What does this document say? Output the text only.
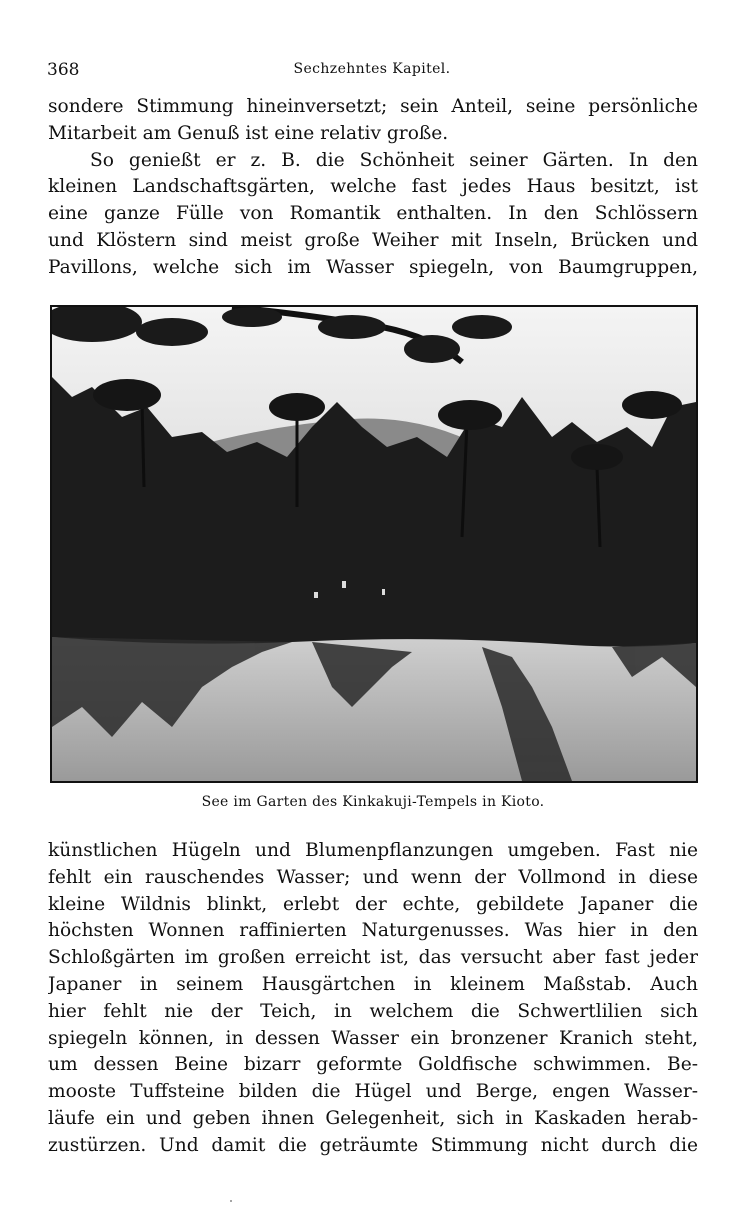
368	Sechzehntes Kapitel.
sondere Stimmung hineinversetzt; sein Anteil, seine persönliche
Mitarbeit am Genuß ist eine relativ große.
So genießt er z. B. die Schönheit seiner Gärten. In den
kleinen Landschaftsgärten, welche fast jedes Haus besitzt, ist
eine ganze Fülle von Romantik enthalten. In den Schlössern
und Klöstern sind meist große Weiher mit Inseln, Brücken und
Pavillons, welche sich im Wasser spiegeln, von Baumgruppen,
See im Garten des Kinkakuji-Tempels in Kioto.
künstlichen Hügeln und Blumenpflanzungen umgeben. Fast nie
fehlt ein rauschendes Wasser; und wenn der Vollmond in diese
kleine Wildnis blinkt, erlebt der echte, gebildete Japaner die
höchsten Wonnen raffinierten Naturgenusses. Was hier in den
Schloßgärten im großen erreicht ist, das versucht aber fast jeder
Japaner in seinem Hausgärtchen in kleinem Maßstab. Auch
hier fehlt nie der Teich, in welchem die Schwertlilien sich
spiegeln können, in dessen Wasser ein bronzener Kranich steht,
um dessen Beine bizarr geformte Goldfische schwimmen. Be-
mooste Tuffsteine bilden die Hügel und Berge, engen Wasser-
läufe ein und geben ihnen Gelegenheit, sich in Kaskaden herab-
zustürzen. Und damit die geträumte Stimmung nicht durch die
